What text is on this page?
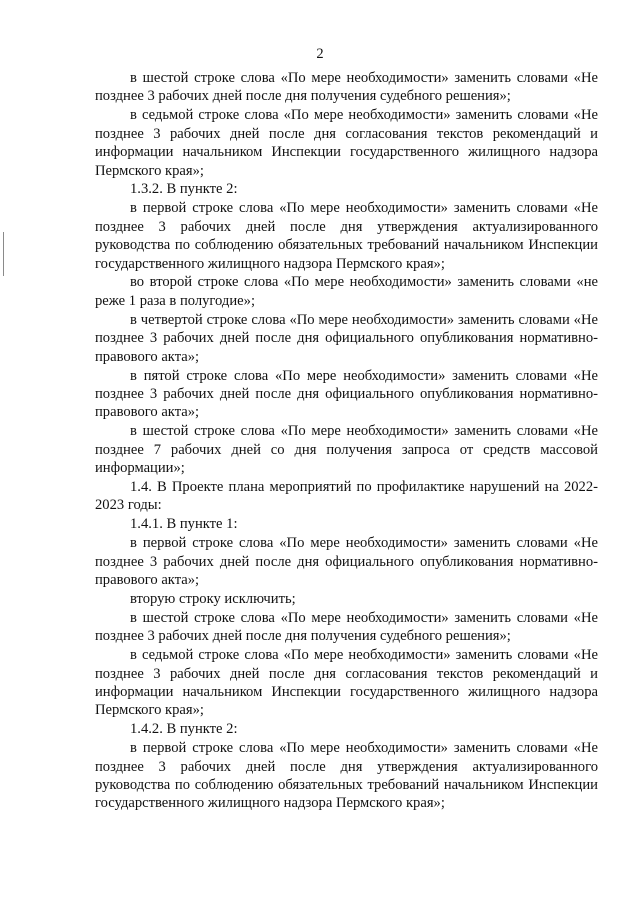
2

в шестой строке слова «По мере необходимости» заменить словами «Не позднее 3 рабочих дней после дня получения судебного решения»;

в седьмой строке слова «По мере необходимости» заменить словами «Не позднее 3 рабочих дней после дня согласования текстов рекомендаций и информации начальником Инспекции государственного жилищного надзора Пермского края»;

1.3.2. В пункте 2:

в первой строке слова «По мере необходимости» заменить словами «Не позднее 3 рабочих дней после дня утверждения актуализированного руководства по соблюдению обязательных требований начальником Инспекции государственного жилищного надзора Пермского края»;

во второй строке слова «По мере необходимости» заменить словами «не реже 1 раза в полугодие»;

в четвертой строке слова «По мере необходимости» заменить словами «Не позднее 3 рабочих дней после дня официального опубликования нормативно-правового акта»;

в пятой строке слова «По мере необходимости» заменить словами «Не позднее 3 рабочих дней после дня официального опубликования нормативно-правового акта»;

в шестой строке слова «По мере необходимости» заменить словами «Не позднее 7 рабочих дней со дня получения запроса от средств массовой информации»;

1.4. В Проекте плана мероприятий по профилактике нарушений на 2022-2023 годы:

1.4.1. В пункте 1:

в первой строке слова «По мере необходимости» заменить словами «Не позднее 3 рабочих дней после дня официального опубликования нормативно-правового акта»;

вторую строку исключить;

в шестой строке слова «По мере необходимости» заменить словами «Не позднее 3 рабочих дней после дня получения судебного решения»;

в седьмой строке слова «По мере необходимости» заменить словами «Не позднее 3 рабочих дней после дня согласования текстов рекомендаций и информации начальником Инспекции государственного жилищного надзора Пермского края»;

1.4.2. В пункте 2:

в первой строке слова «По мере необходимости» заменить словами «Не позднее 3 рабочих дней после дня утверждения актуализированного руководства по соблюдению обязательных требований начальником Инспекции государственного жилищного надзора Пермского края»;
